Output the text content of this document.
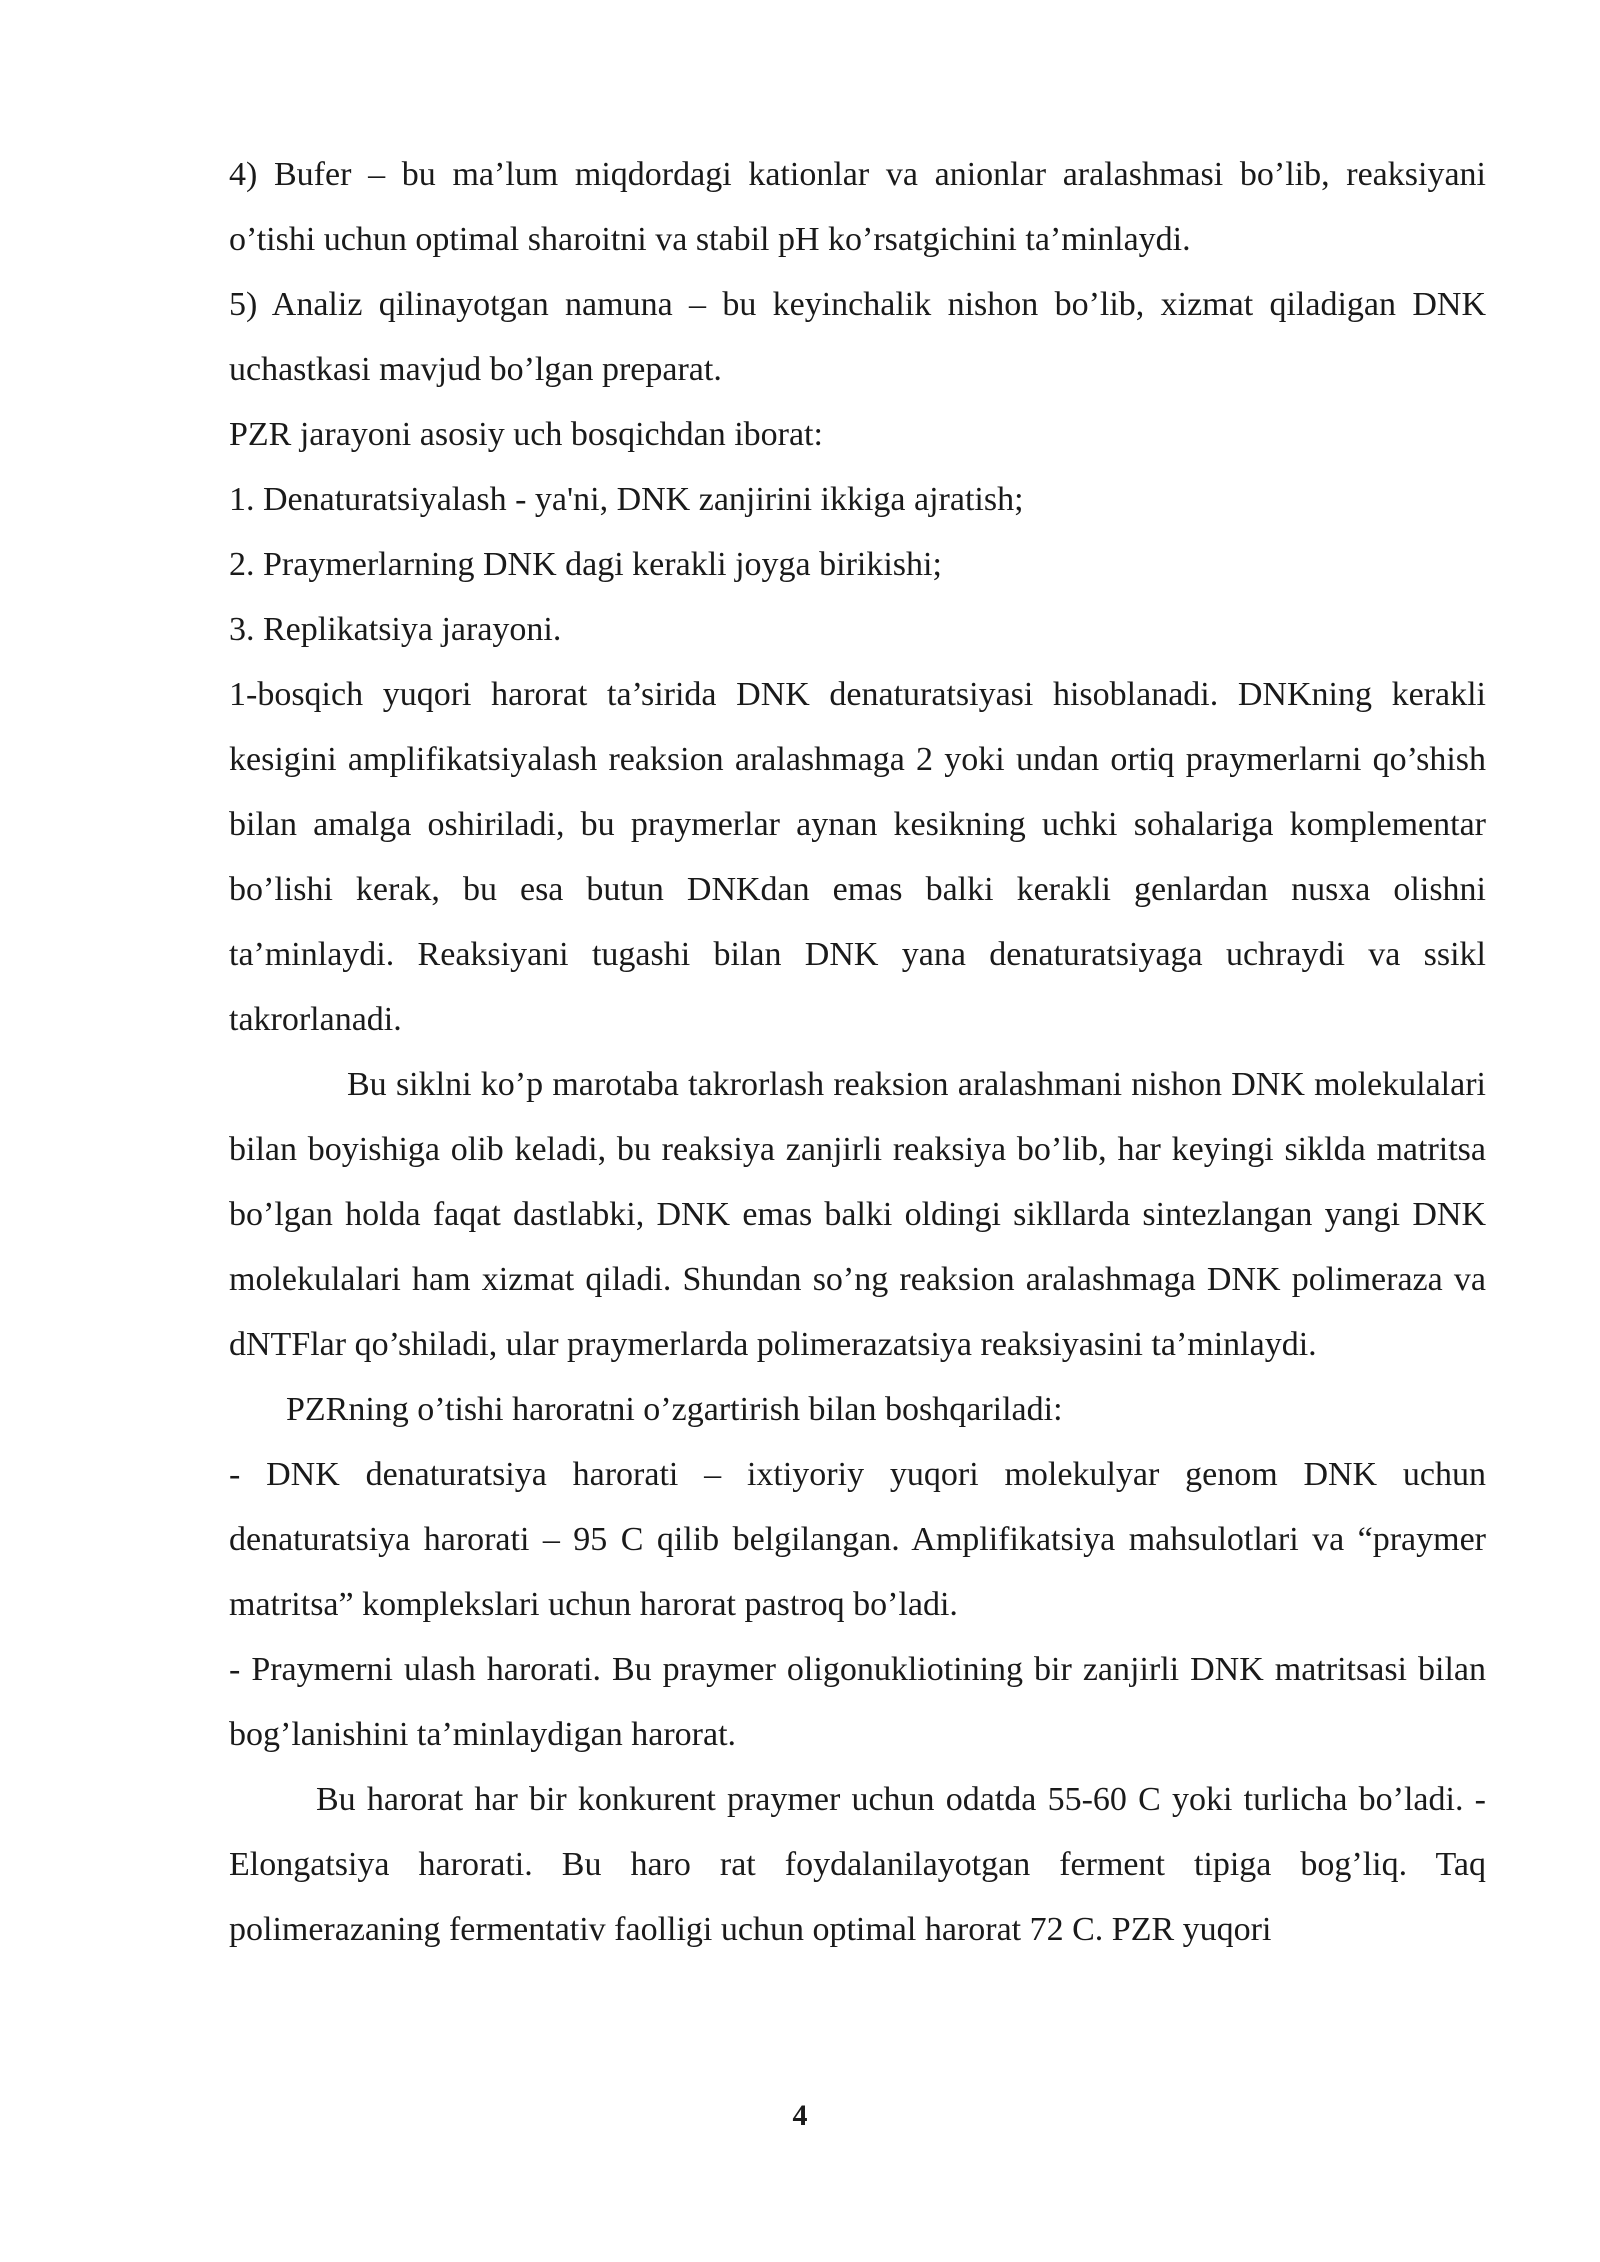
4) Bufer – bu ma’lum miqdordagi kationlar va anionlar aralashmasi bo’lib, reaksiyani o’tishi uchun optimal sharoitni va stabil pH ko’rsatgichini ta’minlaydi.

5) Analiz qilinayotgan namuna – bu keyinchalik nishon bo’lib, xizmat qiladigan DNK uchastkasi mavjud bo’lgan preparat.

PZR jarayoni asosiy uch bosqichdan iborat:

1. Denaturatsiyalash - ya'ni, DNK zanjirini ikkiga ajratish;

2. Praymerlarning DNK dagi kerakli joyga birikishi;

3. Replikatsiya jarayoni.

1-bosqich yuqori harorat ta’sirida DNK denaturatsiyasi hisoblanadi. DNKning kerakli kesigini amplifikatsiyalash reaksion aralashmaga 2 yoki undan ortiq praymerlarni qo’shish bilan amalga oshiriladi, bu praymerlar aynan kesikning uchki sohalariga komplementar bo’lishi kerak, bu esa butun DNKdan emas balki kerakli genlardan nusxa olishni ta’minlaydi. Reaksiyani tugashi bilan DNK yana denaturatsiyaga uchraydi va ssikl takrorlanadi.

Bu siklni ko’p marotaba takrorlash reaksion aralashmani nishon DNK molekulalari bilan boyishiga olib keladi, bu reaksiya zanjirli reaksiya bo’lib, har keyingi siklda matritsa bo’lgan holda faqat dastlabki, DNK emas balki oldingi sikllarda sintezlangan yangi DNK molekulalari ham xizmat qiladi. Shundan so’ng reaksion aralashmaga DNK polimeraza va dNTFlar qo’shiladi, ular praymerlarda polimerazatsiya reaksiyasini ta’minlaydi.

PZRning o’tishi haroratni o’zgartirish bilan boshqariladi:

- DNK denaturatsiya harorati – ixtiyoriy yuqori molekulyar genom DNK uchun denaturatsiya harorati – 95 C qilib belgilangan. Amplifikatsiya mahsulotlari va “praymer matritsa” komplekslari uchun harorat pastroq bo’ladi.

- Praymerni ulash harorati. Bu praymer oligonukliotining bir zanjirli DNK matritsasi bilan bog’lanishini ta’minlaydigan harorat.

Bu harorat har bir konkurent praymer uchun odatda 55-60 C yoki turlicha bo’ladi. - Elongatsiya harorati. Bu haro rat foydalanilayotgan ferment tipiga bog’liq. Taq polimerazaning fermentativ faolligi uchun optimal harorat 72 C. PZR yuqori

4
